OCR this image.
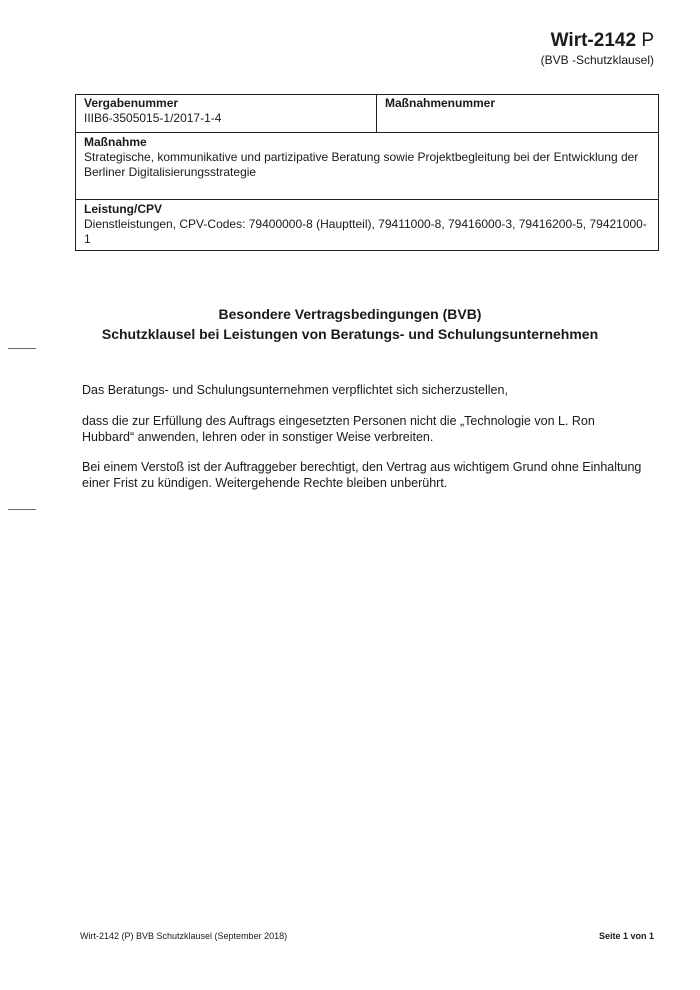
Wirt-2142 P
(BVB -Schutzklausel)
Vergabenummer
IIIB6-3505015-1/2017-1-4
Maßnahmenummer
Maßnahme
Strategische, kommunikative und partizipative Beratung sowie Projektbegleitung bei der Entwicklung der Berliner Digitalisierungsstrategie
Leistung/CPV
Dienstleistungen, CPV-Codes: 79400000-8 (Hauptteil), 79411000-8, 79416000-3, 79416200-5, 79421000-1
Besondere Vertragsbedingungen (BVB)
Schutzklausel bei Leistungen von Beratungs- und Schulungsunternehmen
Das Beratungs- und Schulungsunternehmen verpflichtet sich sicherzustellen,
dass die zur Erfüllung des Auftrags eingesetzten Personen nicht die „Technologie von L. Ron Hubbard“ anwenden, lehren oder in sonstiger Weise verbreiten.
Bei einem Verstoß ist der Auftraggeber berechtigt, den Vertrag aus wichtigem Grund ohne Einhaltung einer Frist zu kündigen. Weitergehende Rechte bleiben unberührt.
Wirt-2142 (P) BVB Schutzklausel (September 2018)	Seite 1 von 1
